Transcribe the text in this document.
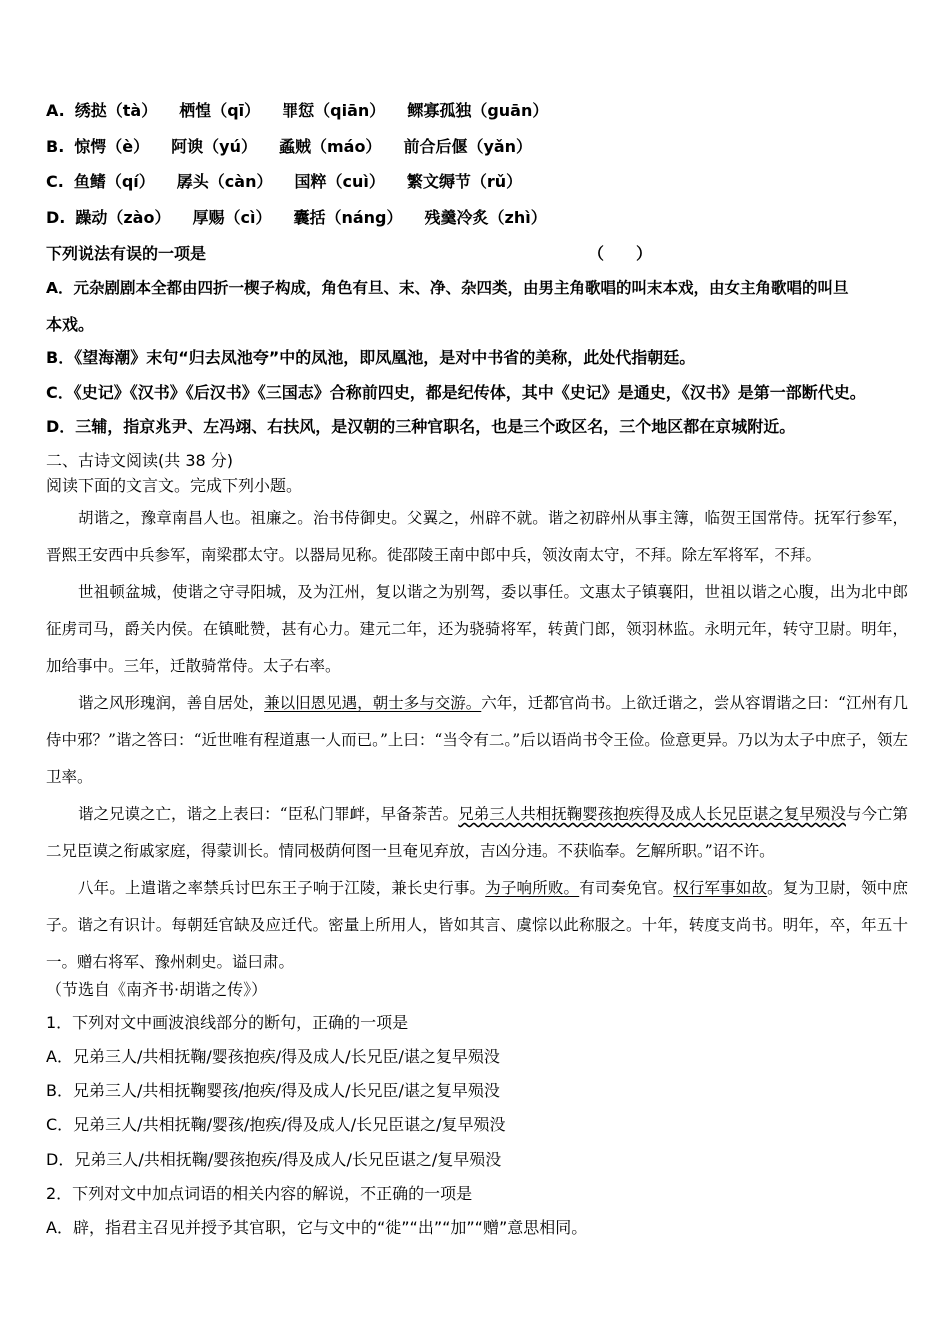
A. 绣挞（tà） 栖惶（qī） 罪愆（qiān） 鳏寡孤独（guān）
B. 惊愕（è） 阿谀（yú） 蟊贼（máo） 前合后偃（yǎn）
C. 鱼鳍（qí） 孱头（càn） 国粹（cuì） 繁文缛节（rǔ）
D. 躁动（zào） 厚赐（cì） 囊括（náng） 残羹冷炙（zhì）
下列说法有误的一项是	（　　）
A．元杂剧剧本全都由四折一楔子构成，角色有旦、末、净、杂四类，由男主角歌唱的叫末本戏，由女主角歌唱的叫旦
本戏。
B．《望海潮》末句“归去凤池夸”中的凤池，即凤凰池，是对中书省的美称，此处代指朝廷。
C．《史记》《汉书》《后汉书》《三国志》合称前四史，都是纪传体，其中《史记》是通史，《汉书》是第一部断代史。
D．三辅，指京兆尹、左冯翊、右扶风，是汉朝的三种官职名，也是三个政区名，三个地区都在京城附近。
二、古诗文阅读(共 38 分)
阅读下面的文言文。完成下列小题。
胡谐之，豫章南昌人也。祖廉之。治书侍御史。父翼之，州辟不就。谐之初辟州从事主簿，临贺王国常侍。抚军行参军，晋熙王安西中兵参军，南梁郡太守。以器局见称。徙邵陵王南中郎中兵，领汝南太守，不拜。除左军将军，不拜。
世祖顿盆城，使谐之守寻阳城，及为江州，复以谐之为别驾，委以事任。文惠太子镇襄阳，世祖以谐之心腹，出为北中郎征虏司马，爵关内侯。在镇毗赞，甚有心力。建元二年，还为骁骑将军，转黄门郎，领羽林监。永明元年，转守卫尉。明年，加给事中。三年，迁散骑常侍。太子右率。
谐之风形瑰润，善自居处，兼以旧恩见遇，朝士多与交游。六年，迁都官尚书。上欲迁谐之，尝从容谓谐之曰：“江州有几侍中邪？”谐之答曰：“近世唯有程道惠一人而已。”上曰：“当令有二。”后以语尚书令王俭。俭意更异。乃以为太子中庶子，领左卫率。
谐之兄谟之亡，谐之上表曰：“臣私门罪衅，早备荼苦。兄弟三人共相抚鞠婴孩抱疾得及成人长兄臣谌之复早殒没与今亡第二兄臣谟之衔戚家庭，得蒙训长。情同极荫何图一旦奄见弃放，吉凶分违。不获临奉。乞解所职。”诏不许。
八年。上遣谐之率禁兵讨巴东王子响于江陵，兼长史行事。为子响所败。有司奏免官。权行军事如故。复为卫尉，领中庶子。谐之有识计。每朝廷官缺及应迁代。密量上所用人，皆如其言、虞悰以此称服之。十年，转度支尚书。明年，卒，年五十一。赠右将军、豫州刺史。谥曰肃。
（节选自《南齐书·胡谐之传》）
1．下列对文中画波浪线部分的断句，正确的一项是
A．兄弟三人/共相抚鞠/婴孩抱疾/得及成人/长兄臣/谌之复早殒没
B．兄弟三人/共相抚鞠婴孩/抱疾/得及成人/长兄臣/谌之复早殒没
C．兄弟三人/共相抚鞠/婴孩/抱疾/得及成人/长兄臣谌之/复早殒没
D．兄弟三人/共相抚鞠/婴孩抱疾/得及成人/长兄臣谌之/复早殒没
2．下列对文中加点词语的相关内容的解说，不正确的一项是
A．辟，指君主召见并授予其官职，它与文中的“徙”“出”“加”“赠”意思相同。
